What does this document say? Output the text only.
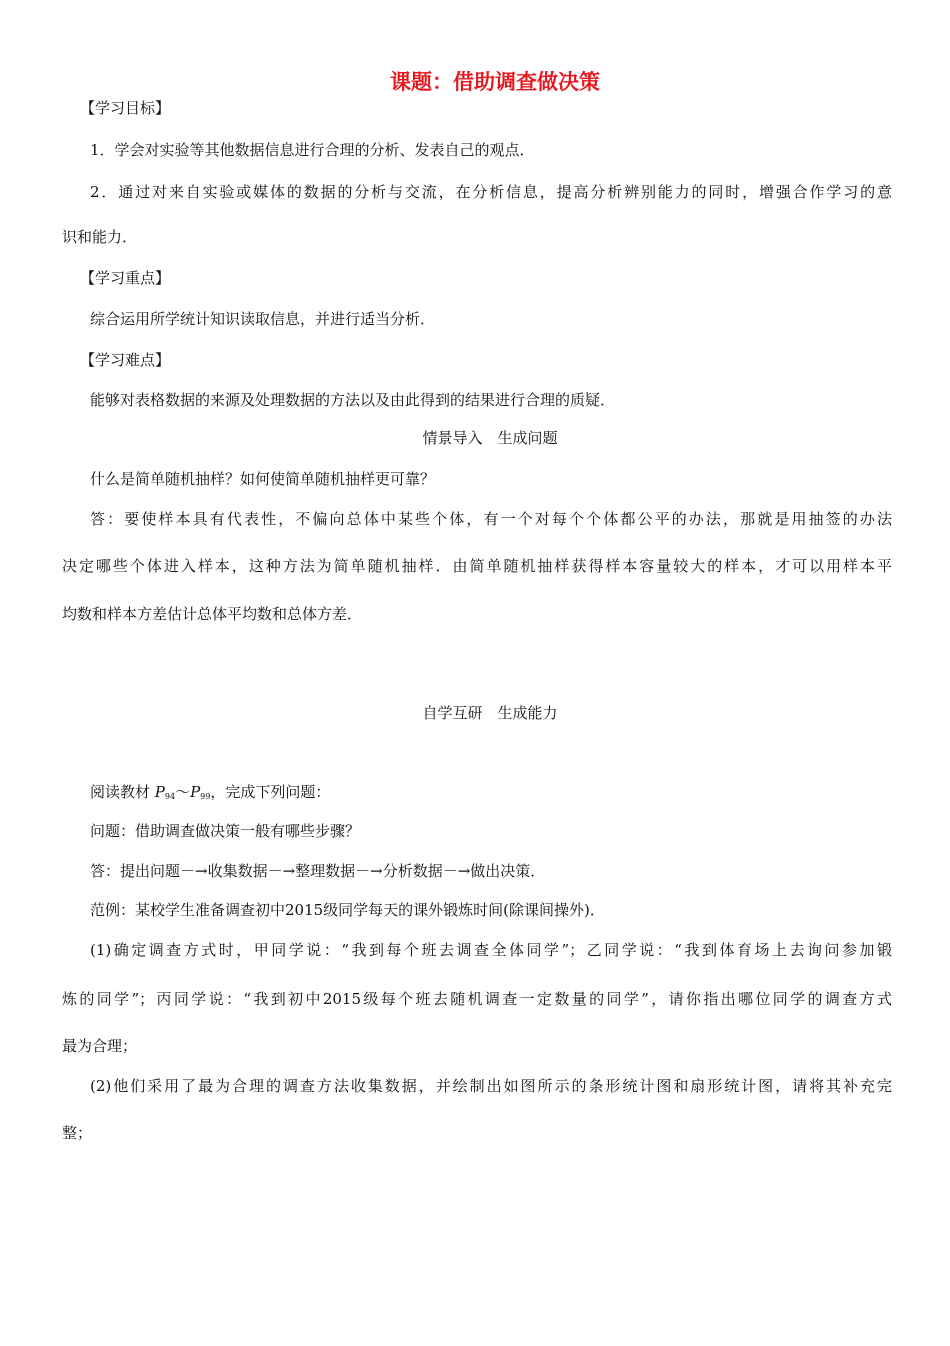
课题：借助调查做决策
【学习目标】
1．学会对实验等其他数据信息进行合理的分析、发表自己的观点．
2．通过对来自实验或媒体的数据的分析与交流，在分析信息，提高分析辨别能力的同时，增强合作学习的意
识和能力．
【学习重点】
综合运用所学统计知识读取信息，并进行适当分析．
【学习难点】
能够对表格数据的来源及处理数据的方法以及由此得到的结果进行合理的质疑．
情景导入　生成问题
什么是简单随机抽样？如何使简单随机抽样更可靠？
答：要使样本具有代表性，不偏向总体中某些个体，有一个对每个个体都公平的办法，那就是用抽签的办法
决定哪些个体进入样本，这种方法为简单随机抽样．由简单随机抽样获得样本容量较大的样本，才可以用样本平
均数和样本方差估计总体平均数和总体方差．
自学互研　生成能力
阅读教材 $P_{94}\sim P_{99}$，完成下列问题：
问题：借助调查做决策一般有哪些步骤？
答：提出问题－→收集数据－→整理数据－→分析数据－→做出决策．
范例：某校学生准备调查初中2015级同学每天的课外锻炼时间(除课间操外)．
(1)确定调查方式时，甲同学说：“我到每个班去调查全体同学”；乙同学说：“我到体育场上去询问参加锻
炼的同学”；丙同学说：“我到初中2015级每个班去随机调查一定数量的同学”，请你指出哪位同学的调查方式
最为合理；
(2)他们采用了最为合理的调查方法收集数据，并绘制出如图所示的条形统计图和扇形统计图，请将其补充完
整；
